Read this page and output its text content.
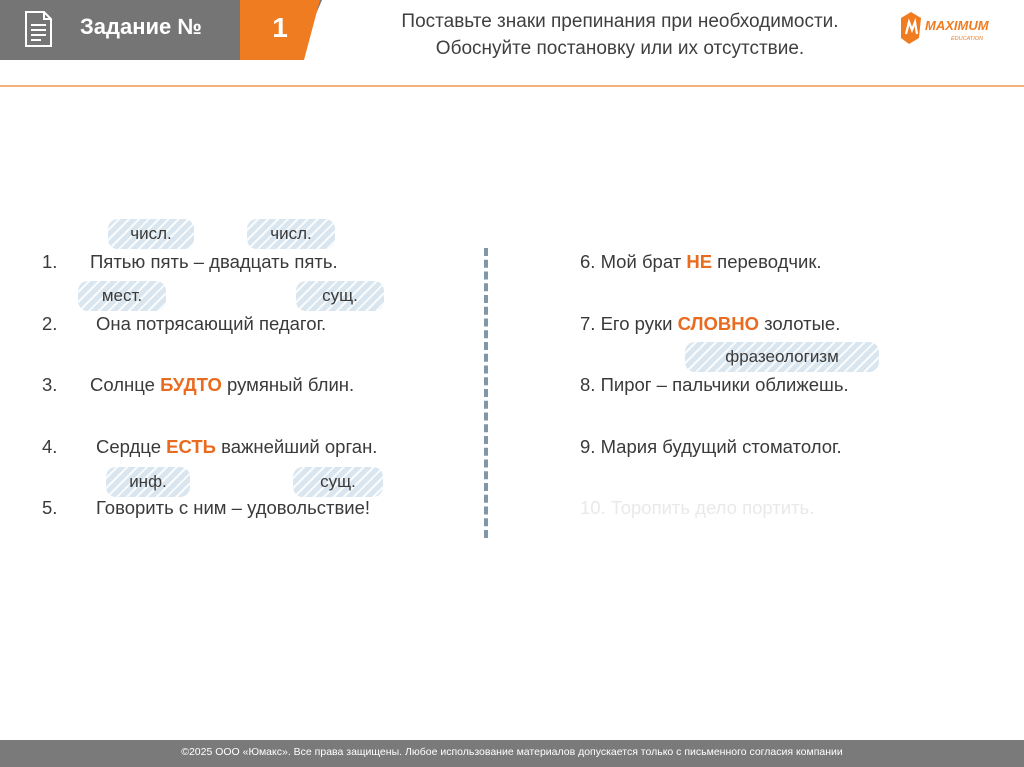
Задание №	1	Поставьте знаки препинания при необходимости.
Обоснуйте постановку или их отсутствие.
MAXIMUM
EDUCATION
1. Пятью пять – двадцать пять.
2. Она потрясающий педагог.
3. Солнце БУДТО румяный блин.
4. Сердце ЕСТЬ важнейший орган.
5. Говорить с ним – удовольствие!
6. Мой брат НЕ переводчик.
7. Его руки СЛОВНО золотые.
8. Пирог – пальчики оближешь.
9. Мария будущий стоматолог.
10. Торопить дело портить.
числ.	числ.
мест.	сущ.
инф.	сущ.
фразеологизм
©2025 ООО «Юмакс». Все права защищены. Любое использование материалов допускается только с письменного согласия компании
